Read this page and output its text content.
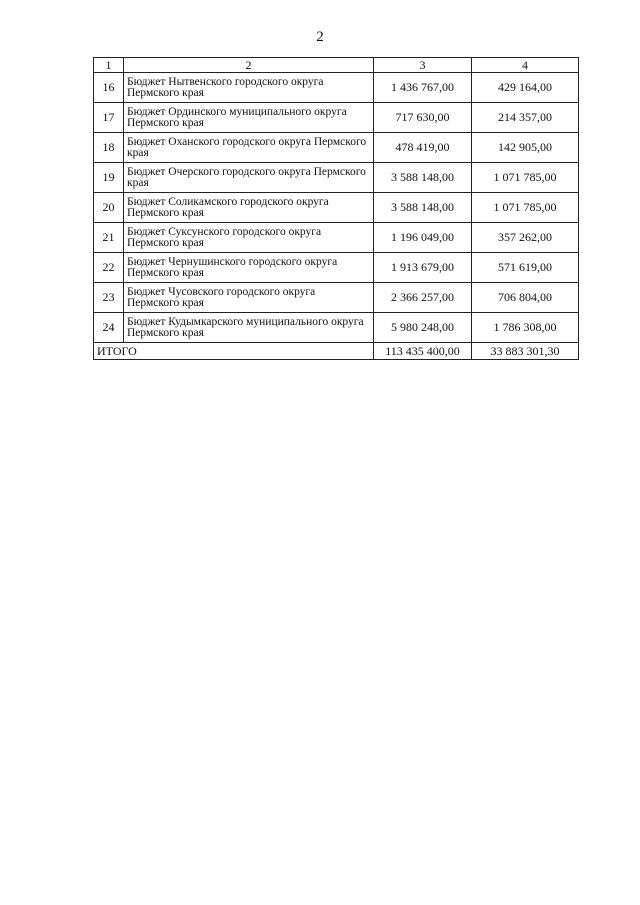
2
1	2	3	4
16	Бюджет Нытвенского городского округа Пермского края	1 436 767,00	429 164,00
17	Бюджет Ординского муниципального округа Пермского края	717 630,00	214 357,00
18	Бюджет Оханского городского округа Пермского края	478 419,00	142 905,00
19	Бюджет Очерского городского округа Пермского края	3 588 148,00	1 071 785,00
20	Бюджет Соликамского городского округа Пермского края	3 588 148,00	1 071 785,00
21	Бюджет Суксунского городского округа Пермского края	1 196 049,00	357 262,00
22	Бюджет Чернушинского городского округа Пермского края	1 913 679,00	571 619,00
23	Бюджет Чусовского городского округа Пермского края	2 366 257,00	706 804,00
24	Бюджет Кудымкарского муниципального округа Пермского края	5 980 248,00	1 786 308,00
ИТОГО		113 435 400,00	33 883 301,30
